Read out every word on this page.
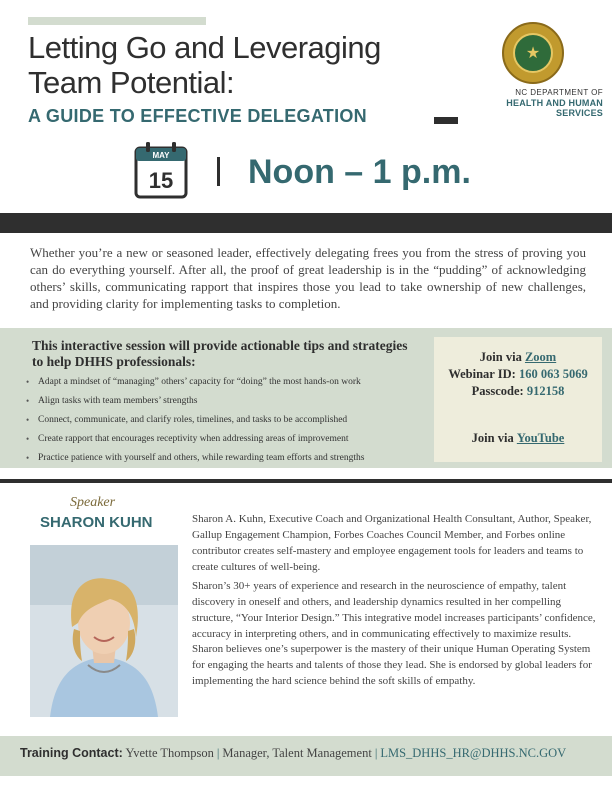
Letting Go and Leveraging
Team Potential:
A GUIDE TO EFFECTIVE DELEGATION
★
NC DEPARTMENT OF
HEALTH AND HUMAN SERVICES
MAY
15 Noon – 1 p.m.
Whether you’re a new or seasoned leader, effectively delegating frees you from the stress of proving you can do everything yourself. After all, the proof of great leadership is in the “pudding” of acknowledging others’ skills, communicating rapport that inspires those you lead to take ownership of new challenges, and providing clarity for implementing tasks to completion.
This interactive session will provide actionable tips and strategies to help DHHS professionals:
• Adapt a mindset of “managing” others’ capacity for “doing” the most hands-on work
• Align tasks with team members’ strengths
• Connect, communicate, and clarify roles, timelines, and tasks to be accomplished
• Create rapport that encourages receptivity when addressing areas of improvement
• Practice patience with yourself and others, while rewarding team efforts and strengths
Join via Zoom
Webinar ID: 160 063 5069
Passcode: 912158
Join via YouTube
Speaker
SHARON KUHN	Sharon A. Kuhn, Executive Coach and Organizational Health Consultant, Author, Speaker, Gallup Engagement Champion, Forbes Coaches Council Member, and Forbes online contributor creates self-mastery and employee engagement tools for leaders and teams to create cultures of well-being.
Sharon’s 30+ years of experience and research in the neuroscience of empathy, talent discovery in oneself and others, and leadership dynamics resulted in her compelling structure, “Your Interior Design.” This integrative model increases participants’ confidence, accuracy in interpreting others, and in communicating effectively to maximize results.
Sharon believes one’s superpower is the mastery of their unique Human Operating System for engaging the hearts and talents of those they lead. She is endorsed by global leaders for implementing the hard science behind the soft skills of empathy.
Training Contact: Yvette Thompson | Manager, Talent Management | LMS_DHHS_HR@DHHS.NC.GOV
